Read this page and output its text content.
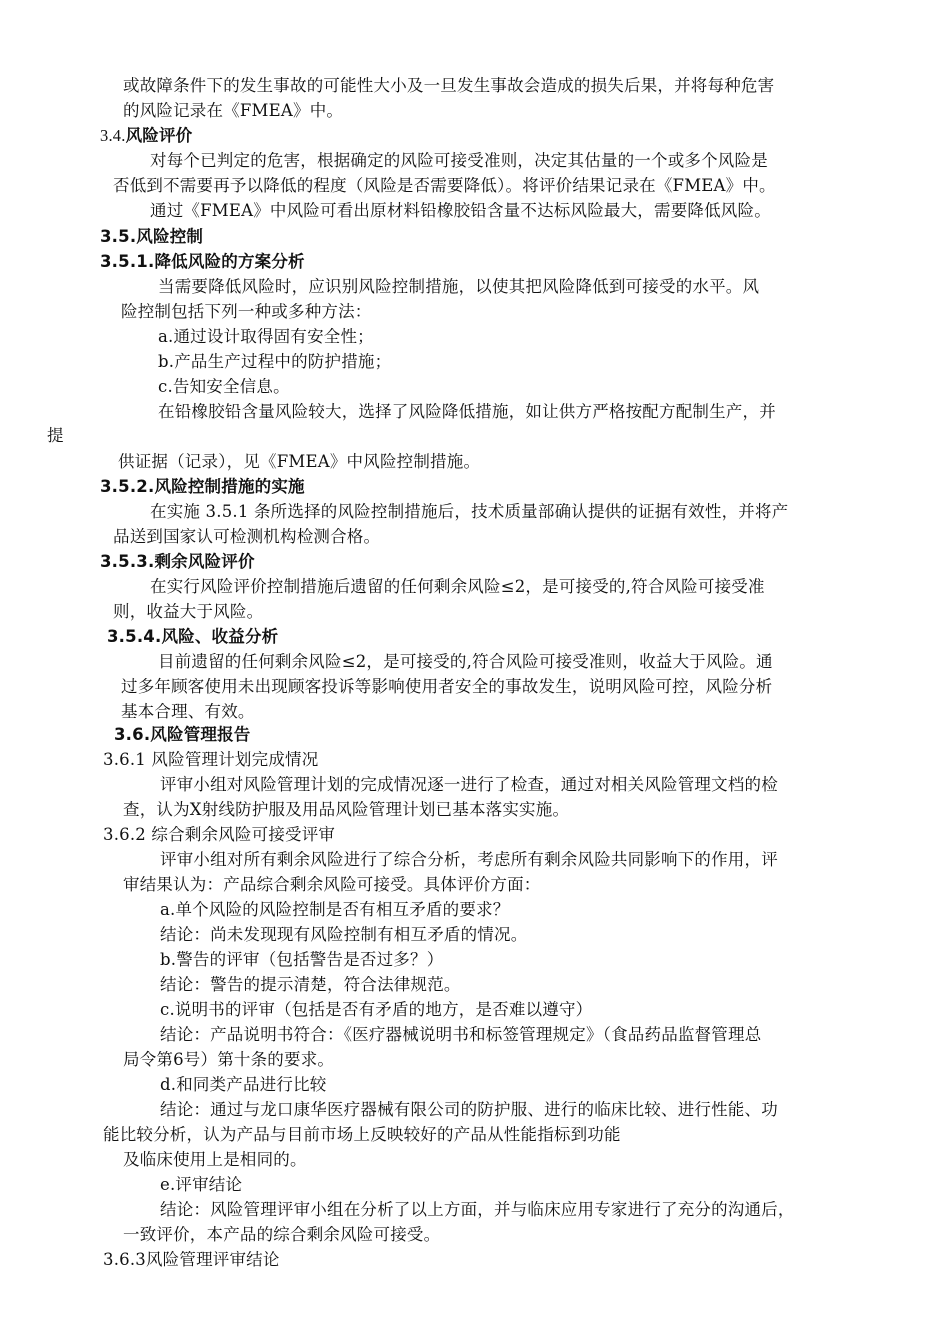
或故障条件下的发生事故的可能性大小及一旦发生事故会造成的损失后果，并将每种危害
的风险记录在《FMEA》中。
3.4.风险评价
对每个已判定的危害，根据确定的风险可接受准则，决定其估量的一个或多个风险是
否低到不需要再予以降低的程度（风险是否需要降低）。将评价结果记录在《FMEA》中。
通过《FMEA》中风险可看出原材料铅橡胶铅含量不达标风险最大，需要降低风险。
3.5.风险控制
3.5.1.降低风险的方案分析
当需要降低风险时，应识别风险控制措施，以使其把风险降低到可接受的水平。风
险控制包括下列一种或多种方法：
a.通过设计取得固有安全性；
b.产品生产过程中的防护措施；
c.告知安全信息。
在铅橡胶铅含量风险较大，选择了风险降低措施，如让供方严格按配方配制生产，并
提
供证据（记录），见《FMEA》中风险控制措施。
3.5.2.风险控制措施的实施
在实施 3.5.1 条所选择的风险控制措施后，技术质量部确认提供的证据有效性，并将产
品送到国家认可检测机构检测合格。
3.5.3.剩余风险评价
在实行风险评价控制措施后遗留的任何剩余风险≤2，是可接受的,符合风险可接受准
则，收益大于风险。
3.5.4.风险、收益分析
目前遗留的任何剩余风险≤2，是可接受的,符合风险可接受准则，收益大于风险。通
过多年顾客使用未出现顾客投诉等影响使用者安全的事故发生，说明风险可控，风险分析
基本合理、有效。
3.6.风险管理报告
3.6.1 风险管理计划完成情况
评审小组对风险管理计划的完成情况逐一进行了检查，通过对相关风险管理文档的检
查，认为X射线防护服及用品风险管理计划已基本落实实施。
3.6.2 综合剩余风险可接受评审
评审小组对所有剩余风险进行了综合分析，考虑所有剩余风险共同影响下的作用，评
审结果认为：产品综合剩余风险可接受。具体评价方面：
a.单个风险的风险控制是否有相互矛盾的要求？
结论：尚未发现现有风险控制有相互矛盾的情况。
b.警告的评审（包括警告是否过多？）
结论：警告的提示清楚，符合法律规范。
c.说明书的评审（包括是否有矛盾的地方，是否难以遵守）
结论：产品说明书符合：《医疗器械说明书和标签管理规定》（食品药品监督管理总
局令第6号）第十条的要求。
d.和同类产品进行比较
结论：通过与龙口康华医疗器械有限公司的防护服、进行的临床比较、进行性能、功
能比较分析，认为产品与目前市场上反映较好的产品从性能指标到功能
及临床使用上是相同的。
e.评审结论
结论：风险管理评审小组在分析了以上方面，并与临床应用专家进行了充分的沟通后，
一致评价，本产品的综合剩余风险可接受。
3.6.3风险管理评审结论
